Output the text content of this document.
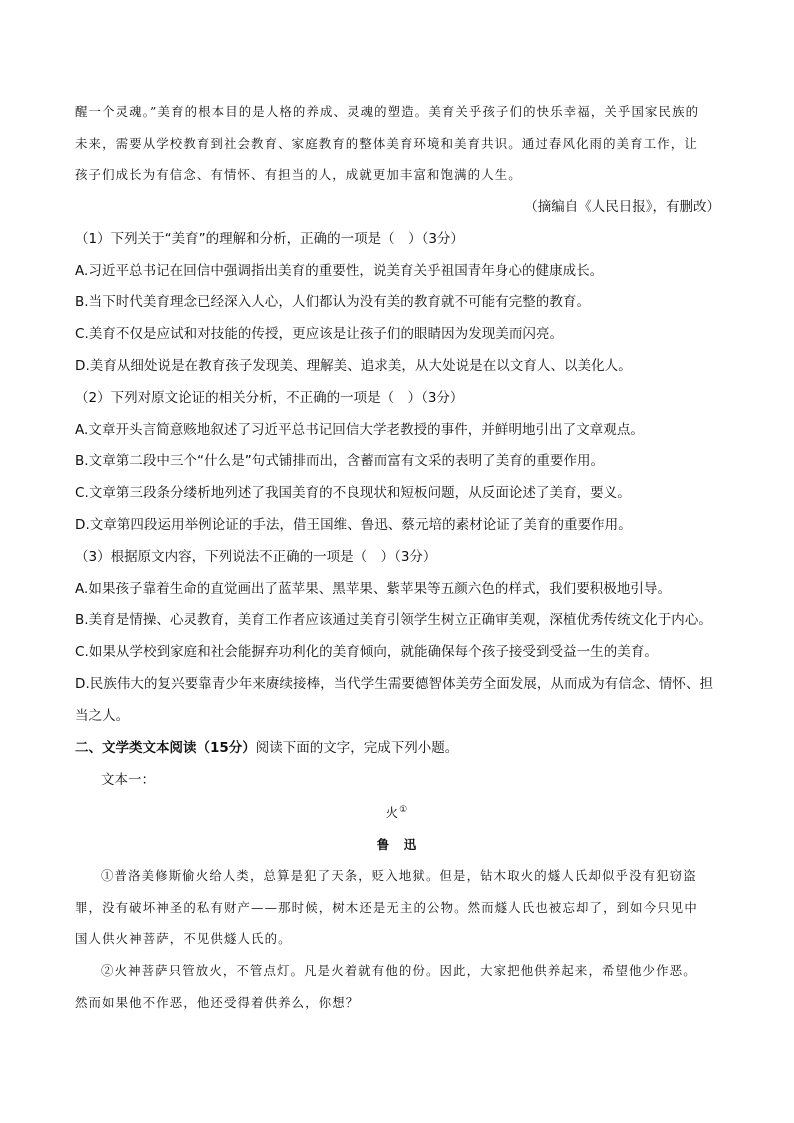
醒一个灵魂。”美育的根本目的是人格的养成、灵魂的塑造。美育关乎孩子们的快乐幸福，关乎国家民族的
未来，需要从学校教育到社会教育、家庭教育的整体美育环境和美育共识。通过春风化雨的美育工作，让
孩子们成长为有信念、有情怀、有担当的人，成就更加丰富和饱满的人生。
（摘编自《人民日报》，有删改）
（1）下列关于“美育”的理解和分析，正确的一项是（　）（3分）
A.习近平总书记在回信中强调指出美育的重要性，说美育关乎祖国青年身心的健康成长。
B.当下时代美育理念已经深入人心，人们都认为没有美的教育就不可能有完整的教育。
C.美育不仅是应试和对技能的传授，更应该是让孩子们的眼睛因为发现美而闪亮。
D.美育从细处说是在教育孩子发现美、理解美、追求美，从大处说是在以文育人、以美化人。
（2）下列对原文论证的相关分析，不正确的一项是（　）（3分）
A.文章开头言简意赅地叙述了习近平总书记回信大学老教授的事件，并鲜明地引出了文章观点。
B.文章第二段中三个“什么是”句式铺排而出，含蓄而富有文采的表明了美育的重要作用。
C.文章第三段条分缕析地列述了我国美育的不良现状和短板问题，从反面论述了美育，要义。
D.文章第四段运用举例论证的手法，借王国维、鲁迅、蔡元培的素材论证了美育的重要作用。
（3）根据原文内容，下列说法不正确的一项是（　）（3分）
A.如果孩子靠着生命的直觉画出了蓝苹果、黑苹果、紫苹果等五颜六色的样式，我们要积极地引导。
B.美育是情操、心灵教育，美育工作者应该通过美育引领学生树立正确审美观，深植优秀传统文化于内心。
C.如果从学校到家庭和社会能摒弃功利化的美育倾向，就能确保每个孩子接受到受益一生的美育。
D.民族伟大的复兴要靠青少年来赓续接棒，当代学生需要德智体美劳全面发展，从而成为有信念、情怀、担
当之人。
二、文学类文本阅读（15分）阅读下面的文字，完成下列小题。
文本一：
火①
鲁　迅
①普洛美修斯偷火给人类，总算是犯了天条，贬入地狱。但是，钻木取火的燧人氏却似乎没有犯窃盗
罪，没有破坏神圣的私有财产——那时候，树木还是无主的公物。然而燧人氏也被忘却了，到如今只见中
国人供火神菩萨，不见供燧人氏的。
②火神菩萨只管放火，不管点灯。凡是火着就有他的份。因此，大家把他供养起来，希望他少作恶。
然而如果他不作恶，他还受得着供养么，你想？
